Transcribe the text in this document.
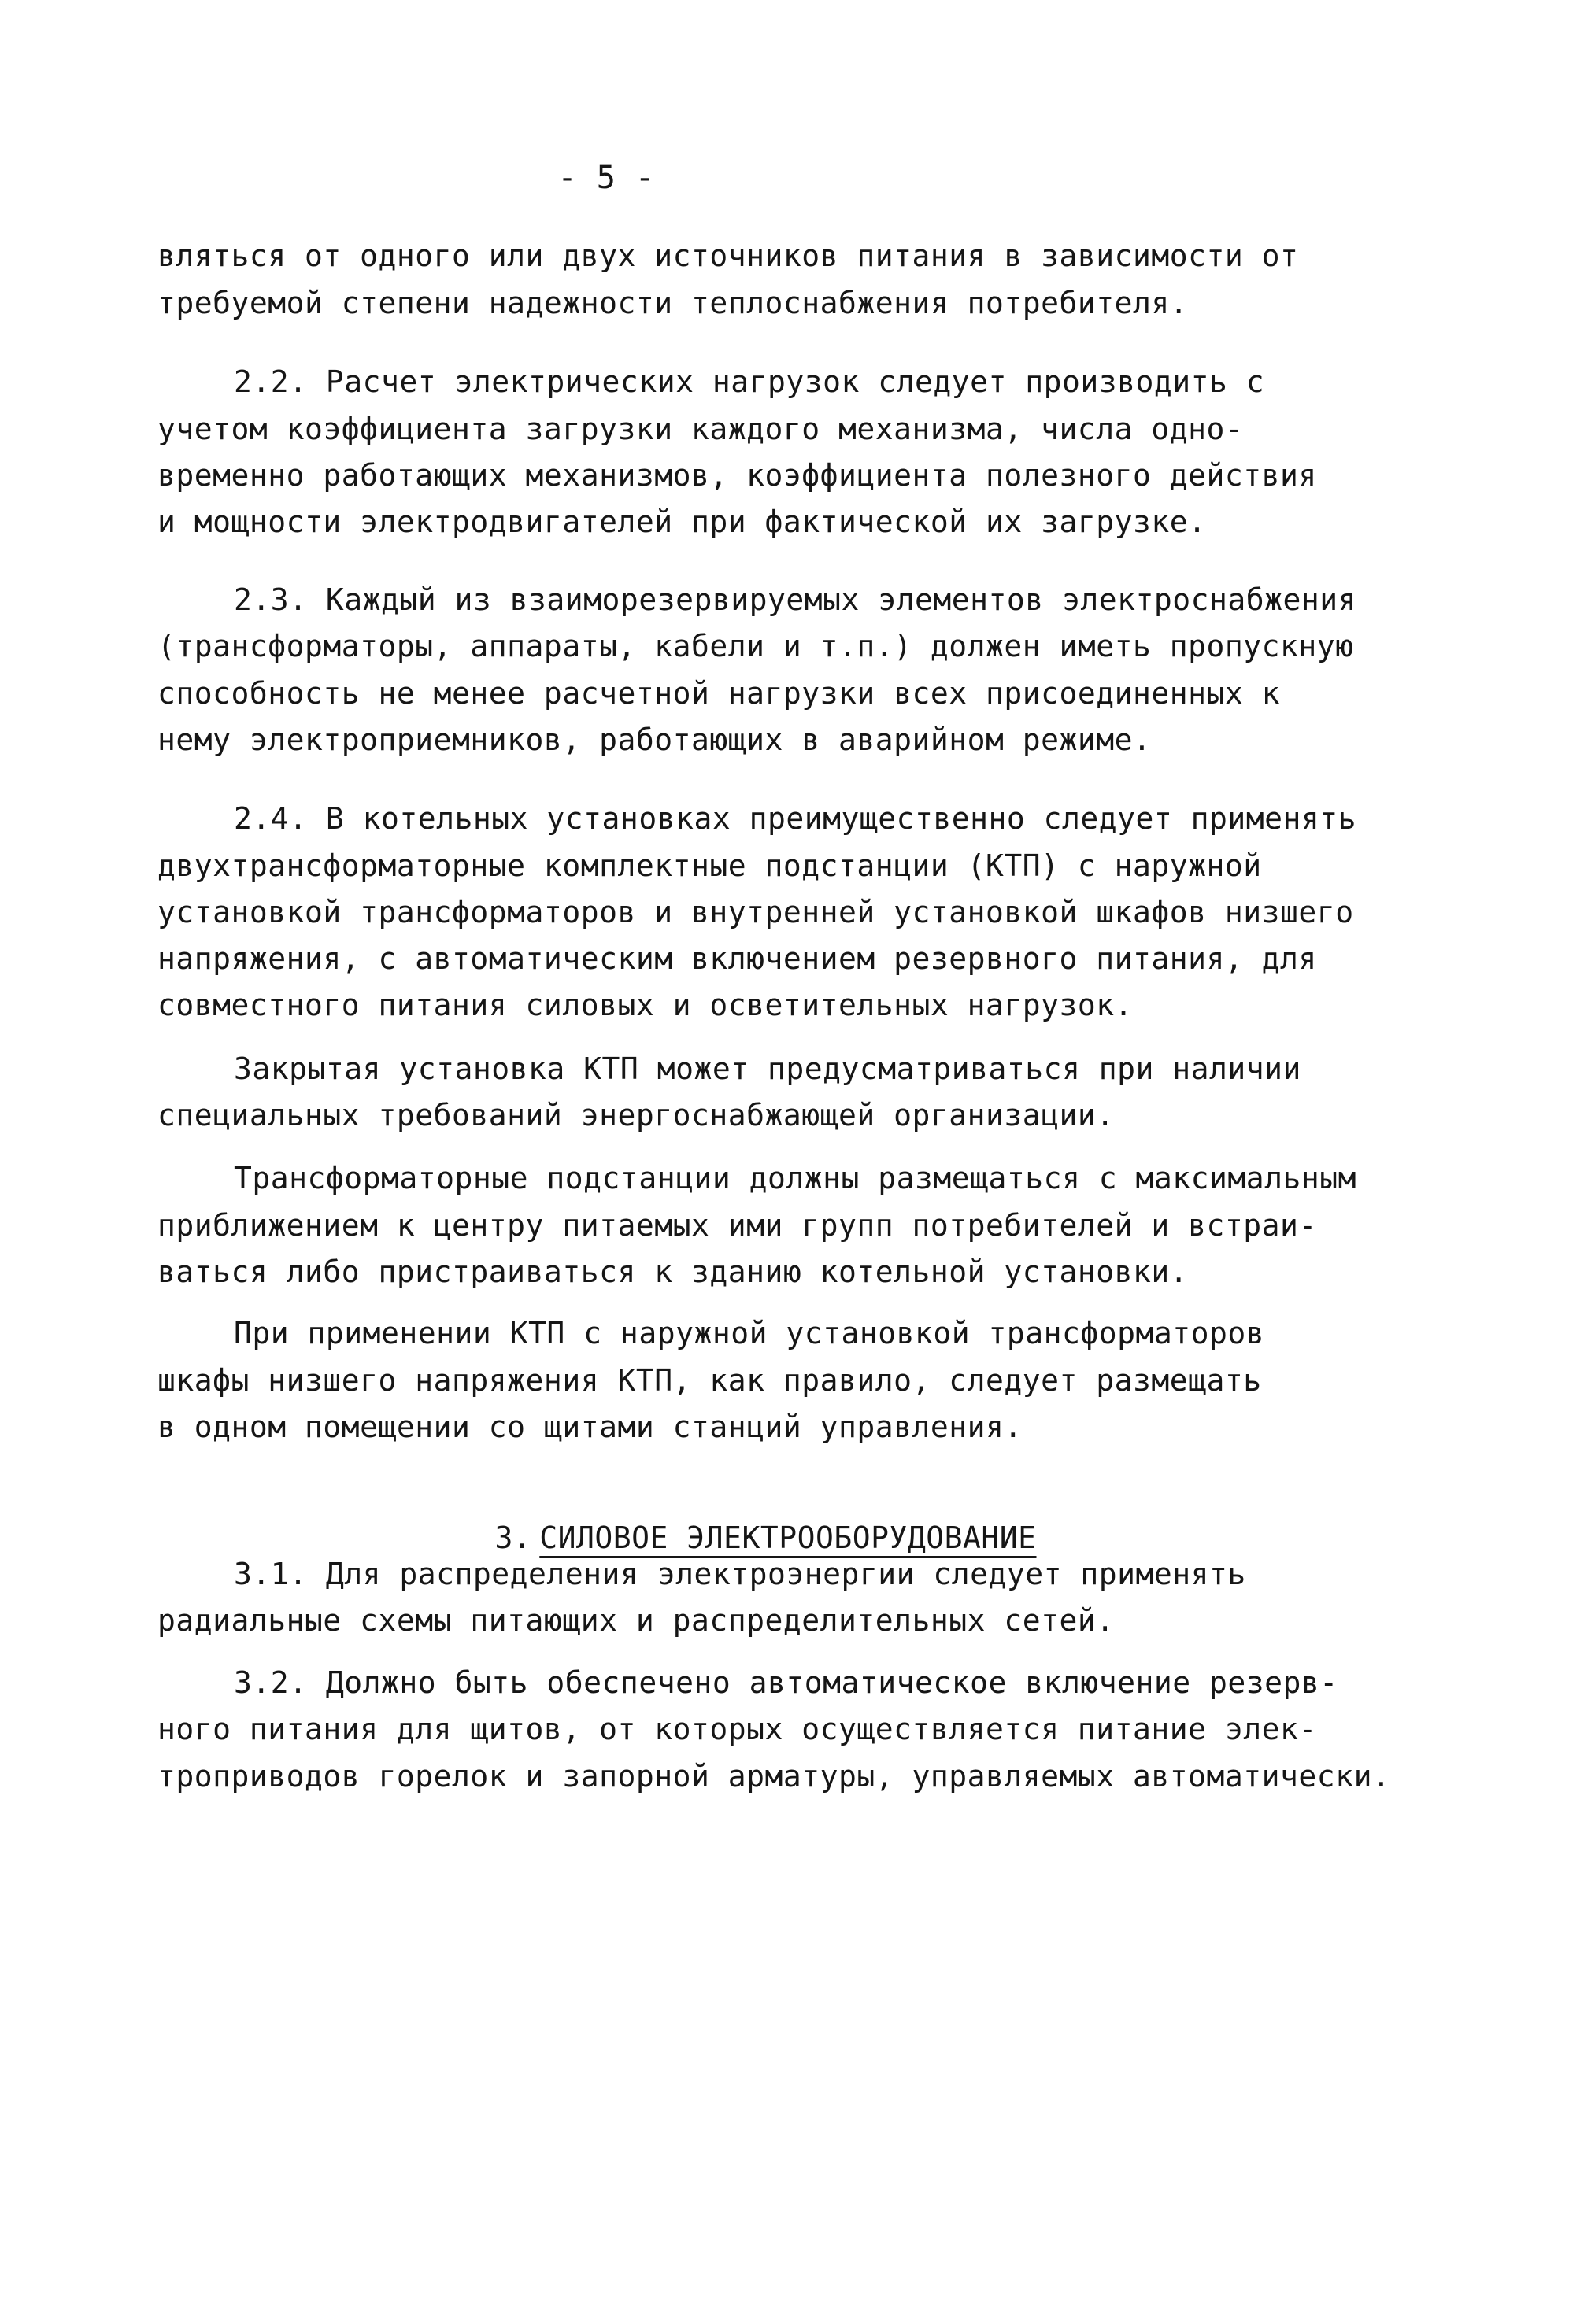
- 5 -
вляться от одного или двух источников питания в зависимости от
требуемой степени надежности теплоснабжения потребителя.
2.2. Расчет электрических нагрузок следует производить с
учетом коэффициента загрузки каждого механизма, числа одно-
временно работающих механизмов, коэффициента полезного действия
и мощности электродвигателей при фактической их загрузке.
2.3. Каждый из взаиморезервируемых элементов электроснабжения
(трансформаторы, аппараты, кабели и т.п.) должен иметь пропускную
способность не менее расчетной нагрузки всех присоединенных к
нему электроприемников, работающих в аварийном режиме.
2.4. В котельных установках преимущественно следует применять
двухтрансформаторные комплектные подстанции (КТП) с наружной
установкой трансформаторов и внутренней установкой шкафов низшего
напряжения, с автоматическим включением резервного питания, для
совместного питания силовых и осветительных нагрузок.
Закрытая установка КТП может предусматриваться при наличии
специальных требований энергоснабжающей организации.
Трансформаторные подстанции должны размещаться с максимальным
приближением к центру питаемых ими групп потребителей и встраи-
ваться либо пристраиваться к зданию котельной установки.
При применении КТП с наружной установкой трансформаторов
шкафы низшего напряжения КТП, как правило, следует размещать
в одном помещении со щитами станций управления.

3. СИЛОВОЕ ЭЛЕКТРООБОРУДОВАНИЕ

3.1. Для распределения электроэнергии следует применять
радиальные схемы питающих и распределительных сетей.
3.2. Должно быть обеспечено автоматическое включение резерв-
ного питания для щитов, от которых осуществляется питание элек-
троприводов горелок и запорной арматуры, управляемых автоматически.
